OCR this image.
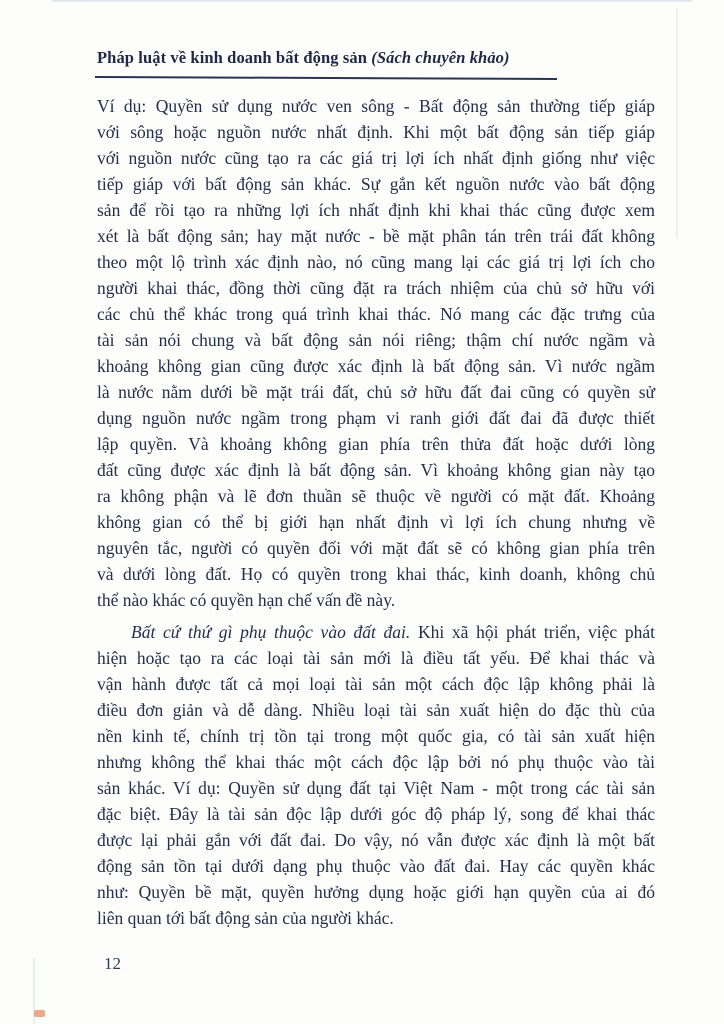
Pháp luật về kinh doanh bất động sản (Sách chuyên khảo)
Ví dụ: Quyền sử dụng nước ven sông - Bất động sản thường tiếp giáp
với sông hoặc nguồn nước nhất định. Khi một bất động sản tiếp giáp
với nguồn nước cũng tạo ra các giá trị lợi ích nhất định giống như việc
tiếp giáp với bất động sản khác. Sự gắn kết nguồn nước vào bất động
sản để rồi tạo ra những lợi ích nhất định khi khai thác cũng được xem
xét là bất động sản; hay mặt nước - bề mặt phân tán trên trái đất không
theo một lộ trình xác định nào, nó cũng mang lại các giá trị lợi ích cho
người khai thác, đồng thời cũng đặt ra trách nhiệm của chủ sở hữu với
các chủ thể khác trong quá trình khai thác. Nó mang các đặc trưng của
tài sản nói chung và bất động sản nói riêng; thậm chí nước ngầm và
khoảng không gian cũng được xác định là bất động sản. Vì nước ngầm
là nước nằm dưới bề mặt trái đất, chủ sở hữu đất đai cũng có quyền sử
dụng nguồn nước ngầm trong phạm vi ranh giới đất đai đã được thiết
lập quyền. Và khoảng không gian phía trên thửa đất hoặc dưới lòng
đất cũng được xác định là bất động sản. Vì khoảng không gian này tạo
ra không phận và lẽ đơn thuần sẽ thuộc về người có mặt đất. Khoảng
không gian có thể bị giới hạn nhất định vì lợi ích chung nhưng về
nguyên tắc, người có quyền đối với mặt đất sẽ có không gian phía trên
và dưới lòng đất. Họ có quyền trong khai thác, kinh doanh, không chủ
thể nào khác có quyền hạn chế vấn đề này.
Bất cứ thứ gì phụ thuộc vào đất đai. Khi xã hội phát triển, việc phát
hiện hoặc tạo ra các loại tài sản mới là điều tất yếu. Để khai thác và
vận hành được tất cả mọi loại tài sản một cách độc lập không phải là
điều đơn giản và dễ dàng. Nhiều loại tài sản xuất hiện do đặc thù của
nền kinh tế, chính trị tồn tại trong một quốc gia, có tài sản xuất hiện
nhưng không thể khai thác một cách độc lập bởi nó phụ thuộc vào tài
sản khác. Ví dụ: Quyền sử dụng đất tại Việt Nam - một trong các tài sản
đặc biệt. Đây là tài sản độc lập dưới góc độ pháp lý, song để khai thác
được lại phải gắn với đất đai. Do vậy, nó vẫn được xác định là một bất
động sản tồn tại dưới dạng phụ thuộc vào đất đai. Hay các quyền khác
như: Quyền bề mặt, quyền hưởng dụng hoặc giới hạn quyền của ai đó
liên quan tới bất động sản của người khác.
12
